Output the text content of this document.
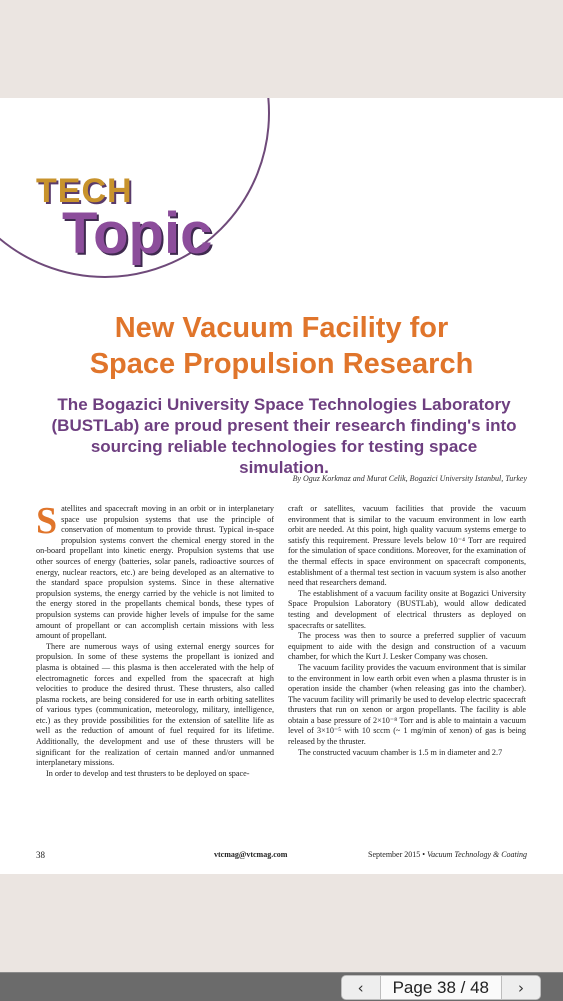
TECH
Topic
New Vacuum Facility for
Space Propulsion Research
The Bogazici University Space Technologies Laboratory (BUSTLab) are proud present their research finding's into sourcing reliable technologies for testing space simulation.
By Oguz Korkmaz and Murat Celik, Bogazici University Istanbul, Turkey

Satellites and spacecraft moving in an orbit or in interplanetary space use propulsion systems that use the principle of conservation of momentum to provide thrust. Typical in-space propulsion systems convert the chemical energy stored in the on-board propellant into kinetic energy. Propulsion systems that use other sources of energy (batteries, solar panels, radioactive sources of energy, nuclear reactors, etc.) are being developed as an alternative to the standard space propulsion systems. Since in these alternative propulsion systems, the energy carried by the vehicle is not limited to the energy stored in the propellants chemical bonds, these types of propulsion systems can provide higher levels of impulse for the same amount of propellant or can accomplish certain missions with less amount of propellant.

There are numerous ways of using external energy sources for propulsion. In some of these systems the propellant is ionized and plasma is obtained — this plasma is then accelerated with the help of electromagnetic forces and expelled from the spacecraft at high velocities to produce the desired thrust. These thrusters, also called plasma rockets, are being considered for use in earth orbiting satellites of various types (communication, meteorology, military, intelligence, etc.) as they provide possibilities for the extension of satellite life as well as the reduction of amount of fuel required for its lifetime. Additionally, the development and use of these thrusters will be significant for the realization of certain manned and/or unmanned interplanetary missions.

In order to develop and test thrusters to be deployed on space-

craft or satellites, vacuum facilities that provide the vacuum environment that is similar to the vacuum environment in low earth orbit are needed. At this point, high quality vacuum systems emerge to satisfy this requirement. Pressure levels below 10⁻⁴ Torr are required for the simulation of space conditions. Moreover, for the examination of the thermal effects in space environment on spacecraft components, establishment of a thermal test section in vacuum system is also another need that researchers demand.

The establishment of a vacuum facility onsite at Bogazici University Space Propulsion Laboratory (BUSTLab), would allow dedicated testing and development of electrical thrusters as deployed on spacecrafts or satellites.

The process was then to source a preferred supplier of vacuum equipment to aide with the design and construction of a vacuum chamber, for which the Kurt J. Lesker Company was chosen.

The vacuum facility provides the vacuum environment that is similar to the environment in low earth orbit even when a plasma thruster is in operation inside the chamber (when releasing gas into the chamber). The vacuum facility will primarily be used to develop electric spacecraft thrusters that run on xenon or argon propellants. The facility is able obtain a base pressure of 2×10⁻⁸ Torr and is able to maintain a vacuum level of 3×10⁻⁵ with 10 sccm (~ 1 mg/min of xenon) of gas is being released by the thruster.

The constructed vacuum chamber is 1.5 m in diameter and 2.7

38	vtcmag@vtcmag.com	September 2015 • Vacuum Technology & Coating
‹	Page 38 / 48	›
